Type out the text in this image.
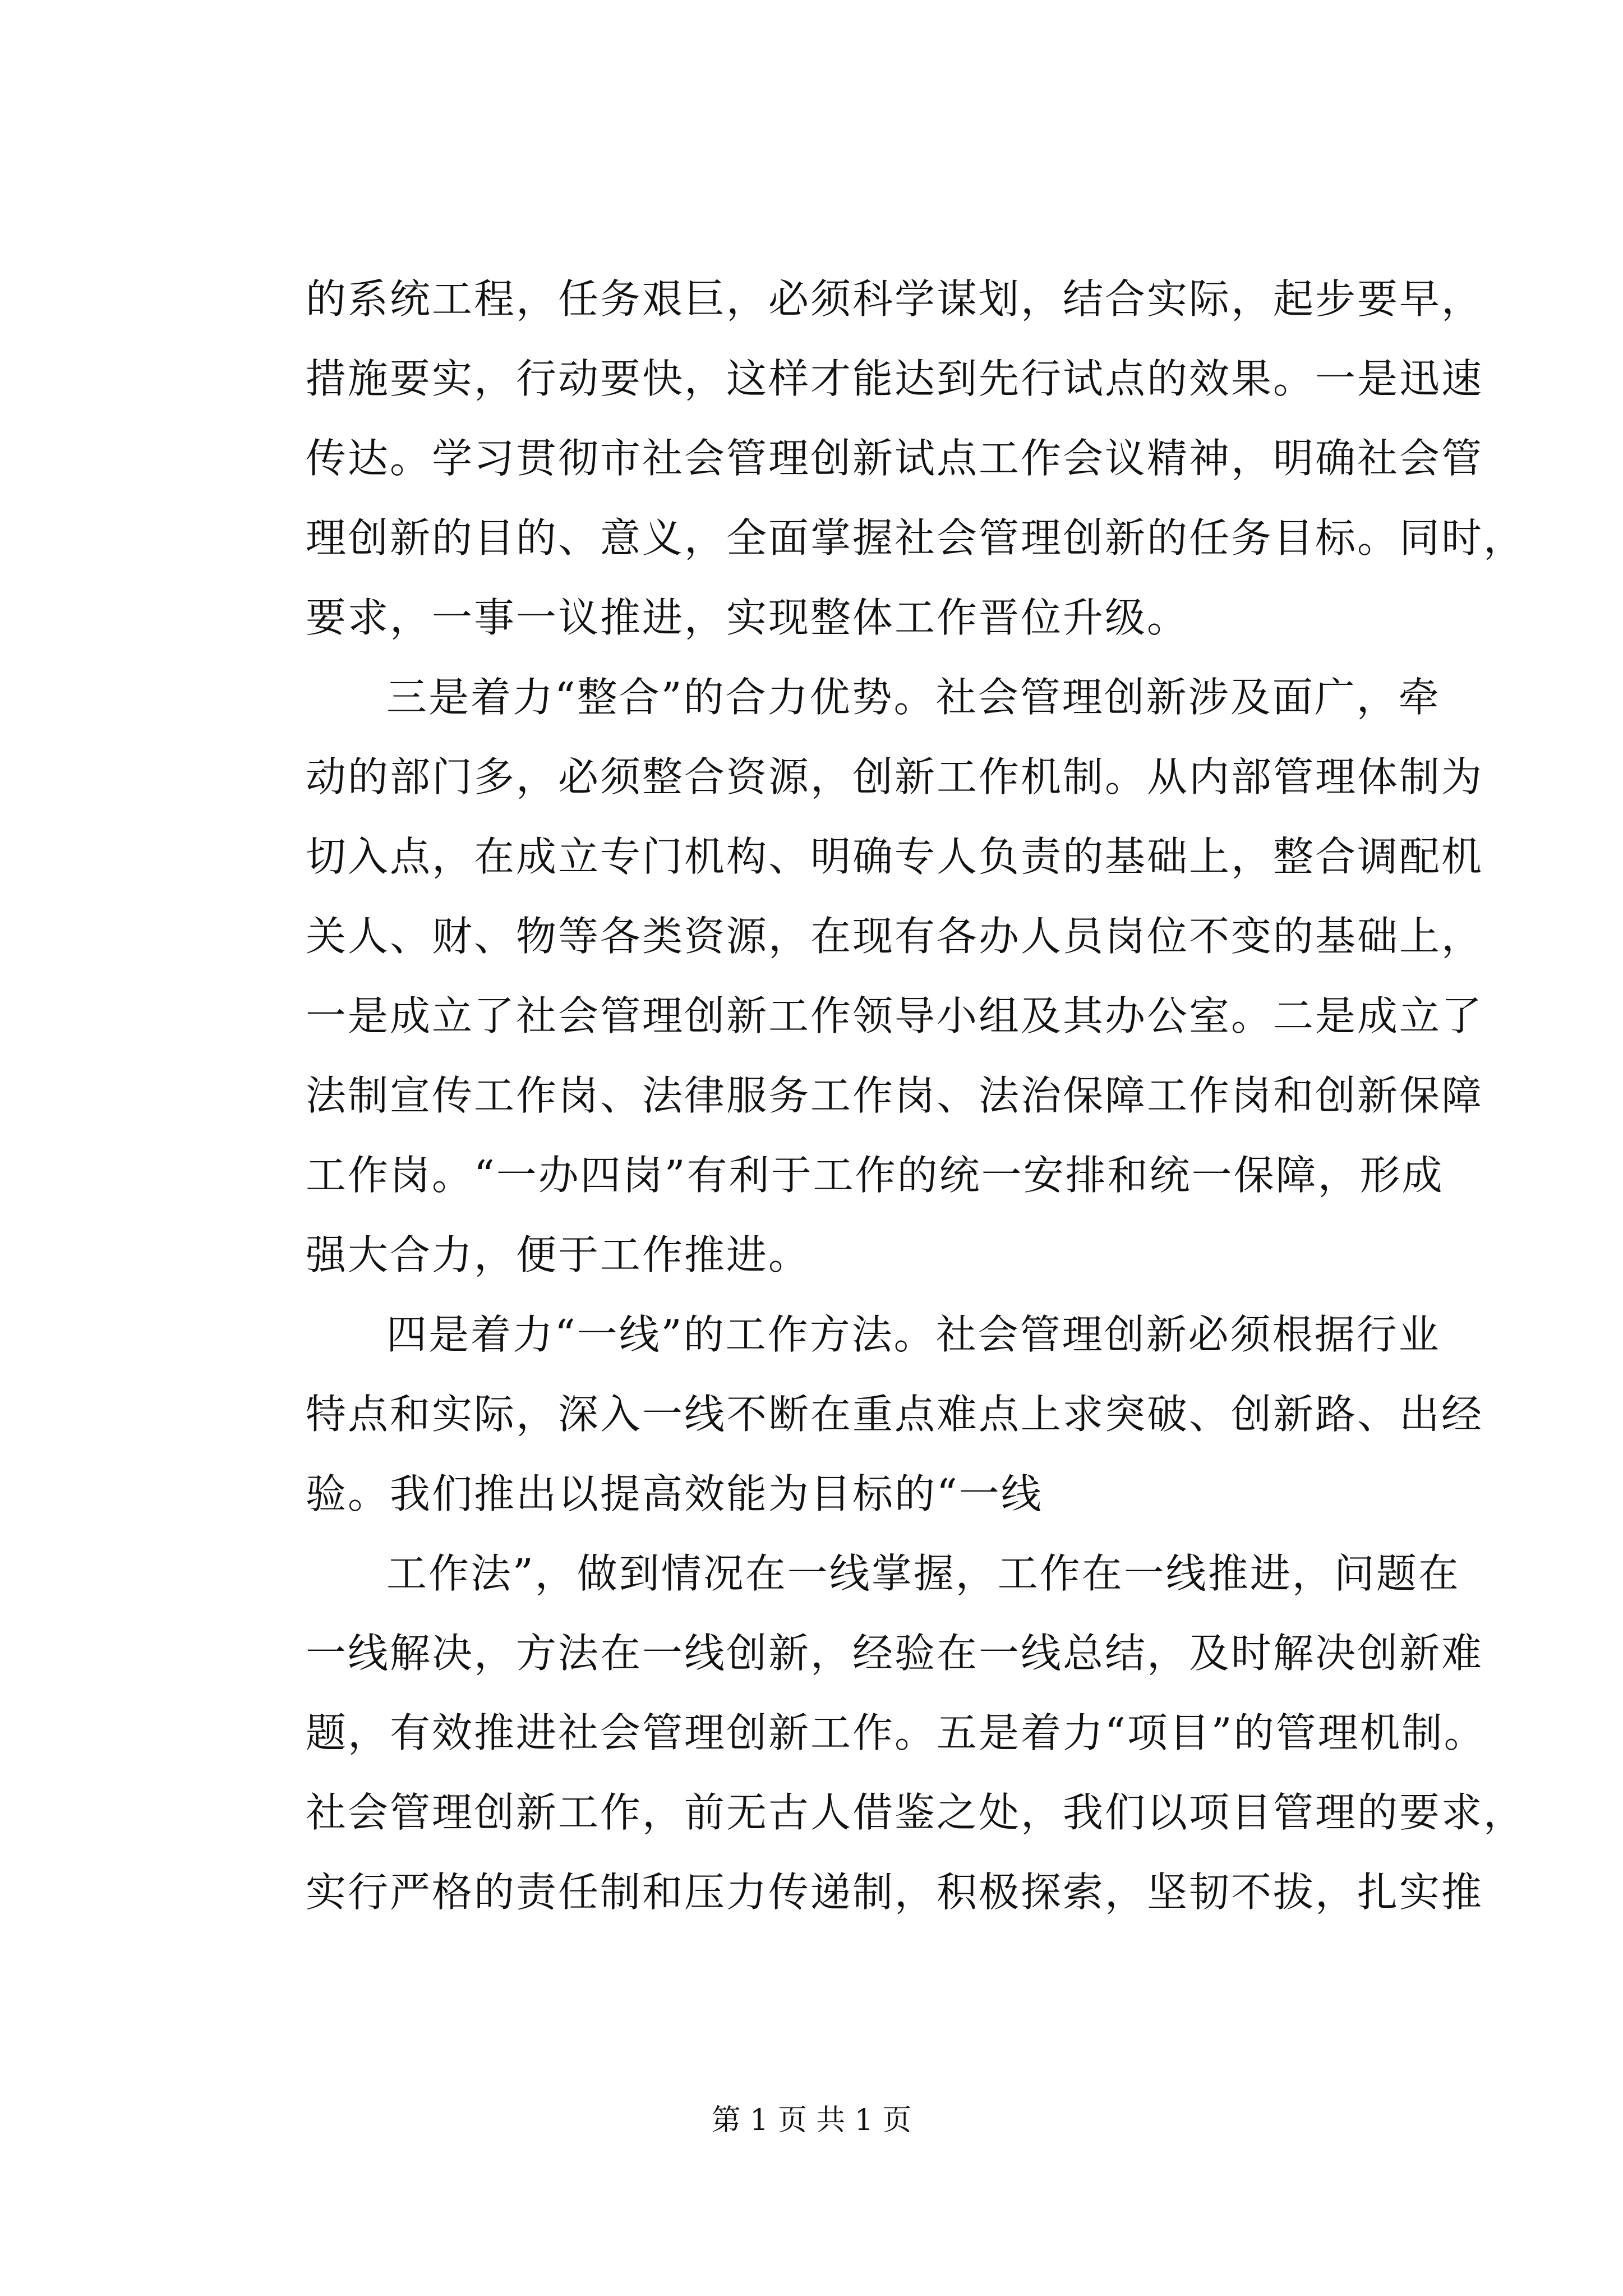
的系统工程，任务艰巨，必须科学谋划，结合实际，起步要早，
措施要实，行动要快，这样才能达到先行试点的效果。一是迅速
传达。学习贯彻市社会管理创新试点工作会议精神，明确社会管
理创新的目的、意义，全面掌握社会管理创新的任务目标。同时，
要求，一事一议推进，实现整体工作晋位升级。
三是着力“整合”的合力优势。社会管理创新涉及面广，牵
动的部门多，必须整合资源，创新工作机制。从内部管理体制为
切入点，在成立专门机构、明确专人负责的基础上，整合调配机
关人、财、物等各类资源，在现有各办人员岗位不变的基础上，
一是成立了社会管理创新工作领导小组及其办公室。二是成立了
法制宣传工作岗、法律服务工作岗、法治保障工作岗和创新保障
工作岗。“一办四岗”有利于工作的统一安排和统一保障，形成
强大合力，便于工作推进。
四是着力“一线”的工作方法。社会管理创新必须根据行业
特点和实际，深入一线不断在重点难点上求突破、创新路、出经
验。我们推出以提高效能为目标的“一线
工作法”，做到情况在一线掌握，工作在一线推进，问题在
一线解决，方法在一线创新，经验在一线总结，及时解决创新难
题，有效推进社会管理创新工作。五是着力“项目”的管理机制。
社会管理创新工作，前无古人借鉴之处，我们以项目管理的要求，
实行严格的责任制和压力传递制，积极探索，坚韧不拔，扎实推
第 1 页 共 1 页
